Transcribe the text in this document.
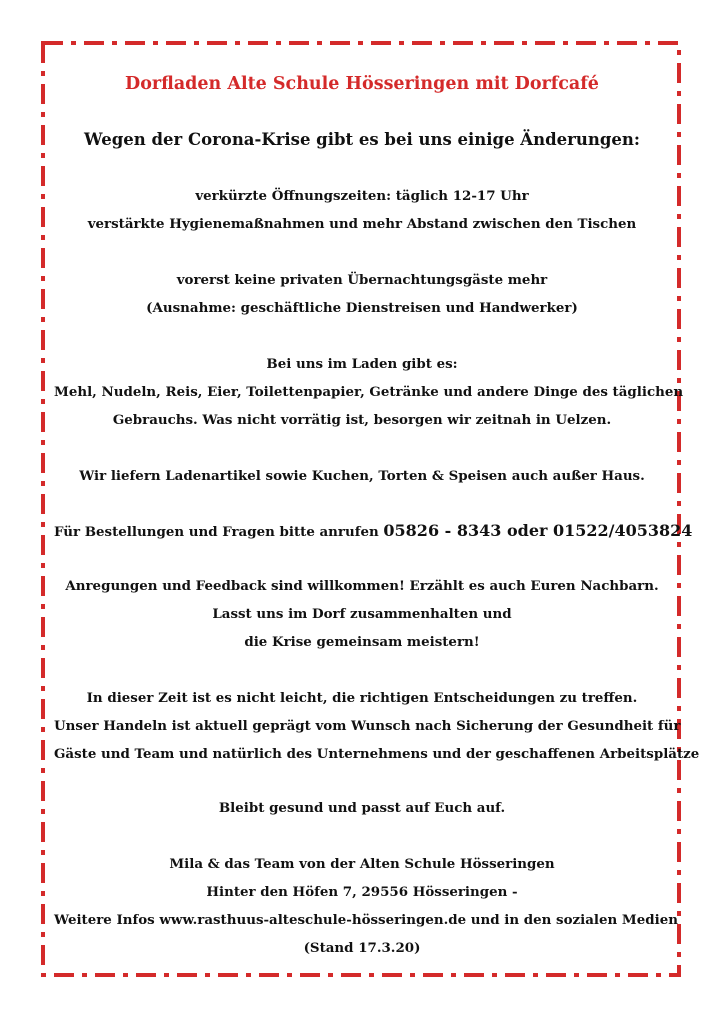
Dorfladen Alte Schule Hösseringen mit Dorfcafé
Wegen der Corona-Krise gibt es bei uns einige Änderungen:
verkürzte Öffnungszeiten: täglich 12-17 Uhr
verstärkte Hygienemaßnahmen und mehr Abstand zwischen den Tischen
vorerst keine privaten Übernachtungsgäste mehr
(Ausnahme: geschäftliche Dienstreisen und Handwerker)
Bei uns im Laden gibt es:
Mehl, Nudeln, Reis, Eier, Toilettenpapier, Getränke und andere Dinge des täglichen
Gebrauchs. Was nicht vorrätig ist, besorgen wir zeitnah in Uelzen.
Wir liefern Ladenartikel sowie Kuchen, Torten & Speisen auch außer Haus.
Für Bestellungen und Fragen bitte anrufen 05826 - 8343 oder 01522/4053824
Anregungen und Feedback sind willkommen! Erzählt es auch Euren Nachbarn.
Lasst uns im Dorf zusammenhalten und
die Krise gemeinsam meistern!
In dieser Zeit ist es nicht leicht, die richtigen Entscheidungen zu treffen.
Unser Handeln ist aktuell geprägt vom Wunsch nach Sicherung der Gesundheit für
Gäste und Team und natürlich des Unternehmens und der geschaffenen Arbeitsplätze
Bleibt gesund und passt auf Euch auf.
Mila & das Team von der Alten Schule Hösseringen
Hinter den Höfen 7, 29556 Hösseringen -
Weitere Infos www.rasthuus-alteschule-hösseringen.de und in den sozialen Medien
(Stand 17.3.20)
